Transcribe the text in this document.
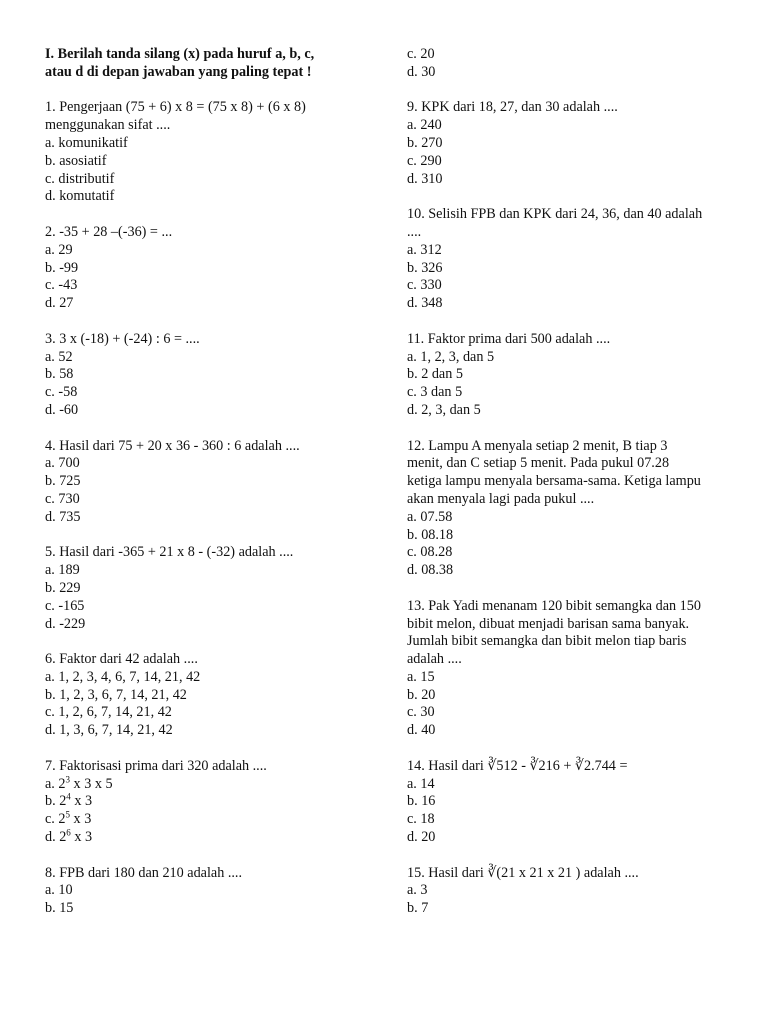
I. Berilah tanda silang (x) pada huruf a, b, c,
atau d di depan jawaban yang paling tepat !
1. Pengerjaan (75 + 6) x 8 = (75 x 8) + (6 x 8)
menggunakan sifat ....
a. komunikatif
b. asosiatif
c. distributif
d. komutatif
2. -35 + 28 –(-36) = ...
a. 29
b. -99
c. -43
d. 27
3. 3 x (-18) + (-24) : 6 = ....
a. 52
b. 58
c. -58
d. -60
4. Hasil dari 75 + 20 x 36 - 360 : 6 adalah ....
a. 700
b. 725
c. 730
d. 735
5. Hasil dari -365 + 21 x 8 - (-32) adalah ....
a. 189
b. 229
c. -165
d. -229
6. Faktor dari 42 adalah ....
a. 1, 2, 3, 4, 6, 7, 14, 21, 42
b. 1, 2, 3, 6, 7, 14, 21, 42
c. 1, 2, 6, 7, 14, 21, 42
d. 1, 3, 6, 7, 14, 21, 42
7. Faktorisasi prima dari 320 adalah ....
a. $2^3$ x 3 x 5
b. $2^4$ x 3
c. $2^5$ x 3
d. $2^6$ x 3
8. FPB dari 180 dan 210 adalah ....
a. 10
b. 15
c. 20
d. 30
9. KPK dari 18, 27, dan 30 adalah ....
a. 240
b. 270
c. 290
d. 310
10. Selisih FPB dan KPK dari 24, 36, dan 40 adalah
....
a. 312
b. 326
c. 330
d. 348
11. Faktor prima dari 500 adalah ....
a. 1, 2, 3, dan 5
b. 2 dan 5
c. 3 dan 5
d. 2, 3, dan 5
12. Lampu A menyala setiap 2 menit, B tiap 3
menit, dan C setiap 5 menit. Pada pukul 07.28
ketiga lampu menyala bersama-sama. Ketiga lampu
akan menyala lagi pada pukul ....
a. 07.58
b. 08.18
c. 08.28
d. 08.38
13. Pak Yadi menanam 120 bibit semangka dan 150
bibit melon, dibuat menjadi barisan sama banyak.
Jumlah bibit semangka dan bibit melon tiap baris
adalah ....
a. 15
b. 20
c. 30
d. 40
14. Hasil dari ∛512 - ∛216 + ∛2.744 =
a. 14
b. 16
c. 18
d. 20
15. Hasil dari ∛(21 x 21 x 21 ) adalah ....
a. 3
b. 7
